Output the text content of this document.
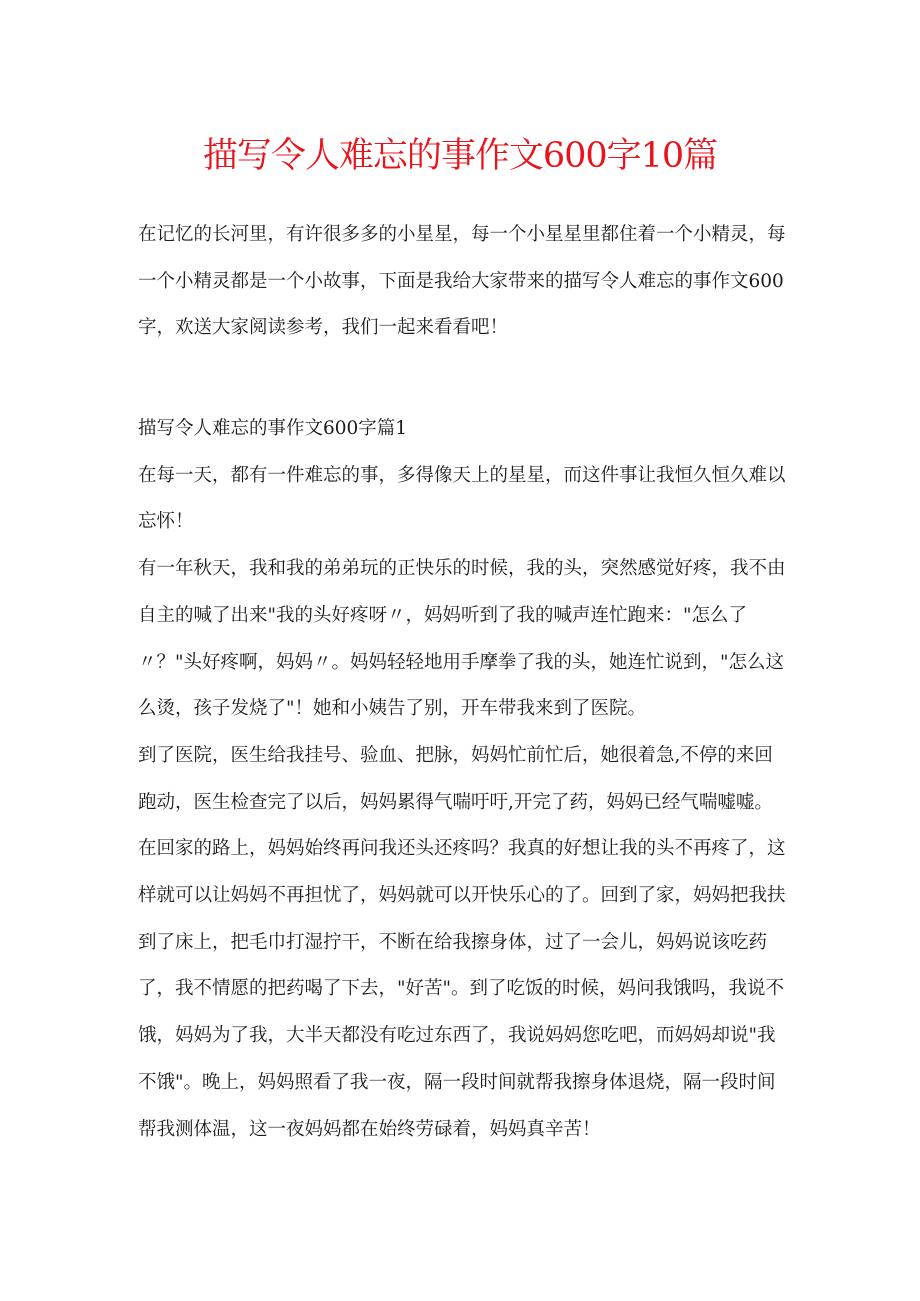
描写令人难忘的事作文600字10篇
在记忆的长河里，有许很多多的小星星，每一个小星星里都住着一个小精灵，每一个小精灵都是一个小故事，下面是我给大家带来的描写令人难忘的事作文600字，欢送大家阅读参考，我们一起来看看吧！

描写令人难忘的事作文600字篇1

在每一天，都有一件难忘的事，多得像天上的星星，而这件事让我恒久恒久难以忘怀！

有一年秋天，我和我的弟弟玩的正快乐的时候，我的头，突然感觉好疼，我不由自主的喊了出来"我的头好疼呀〃，妈妈听到了我的喊声连忙跑来："怎么了〃？"头好疼啊，妈妈〃。妈妈轻轻地用手摩拳了我的头，她连忙说到，"怎么这么烫，孩子发烧了"！她和小姨告了别，开车带我来到了医院。

到了医院，医生给我挂号、验血、把脉，妈妈忙前忙后，她很着急,不停的来回跑动，医生检查完了以后，妈妈累得气喘吁吁,开完了药，妈妈已经气喘嘘嘘。

在回家的路上，妈妈始终再问我还头还疼吗？我真的好想让我的头不再疼了，这样就可以让妈妈不再担忧了，妈妈就可以开快乐心的了。回到了家，妈妈把我扶到了床上，把毛巾打湿拧干，不断在给我擦身体，过了一会儿，妈妈说该吃药了，我不情愿的把药喝了下去，"好苦"。到了吃饭的时候，妈问我饿吗，我说不饿，妈妈为了我，大半天都没有吃过东西了，我说妈妈您吃吧，而妈妈却说"我不饿"。晚上，妈妈照看了我一夜，隔一段时间就帮我擦身体退烧，隔一段时间帮我测体温，这一夜妈妈都在始终劳碌着，妈妈真辛苦！
